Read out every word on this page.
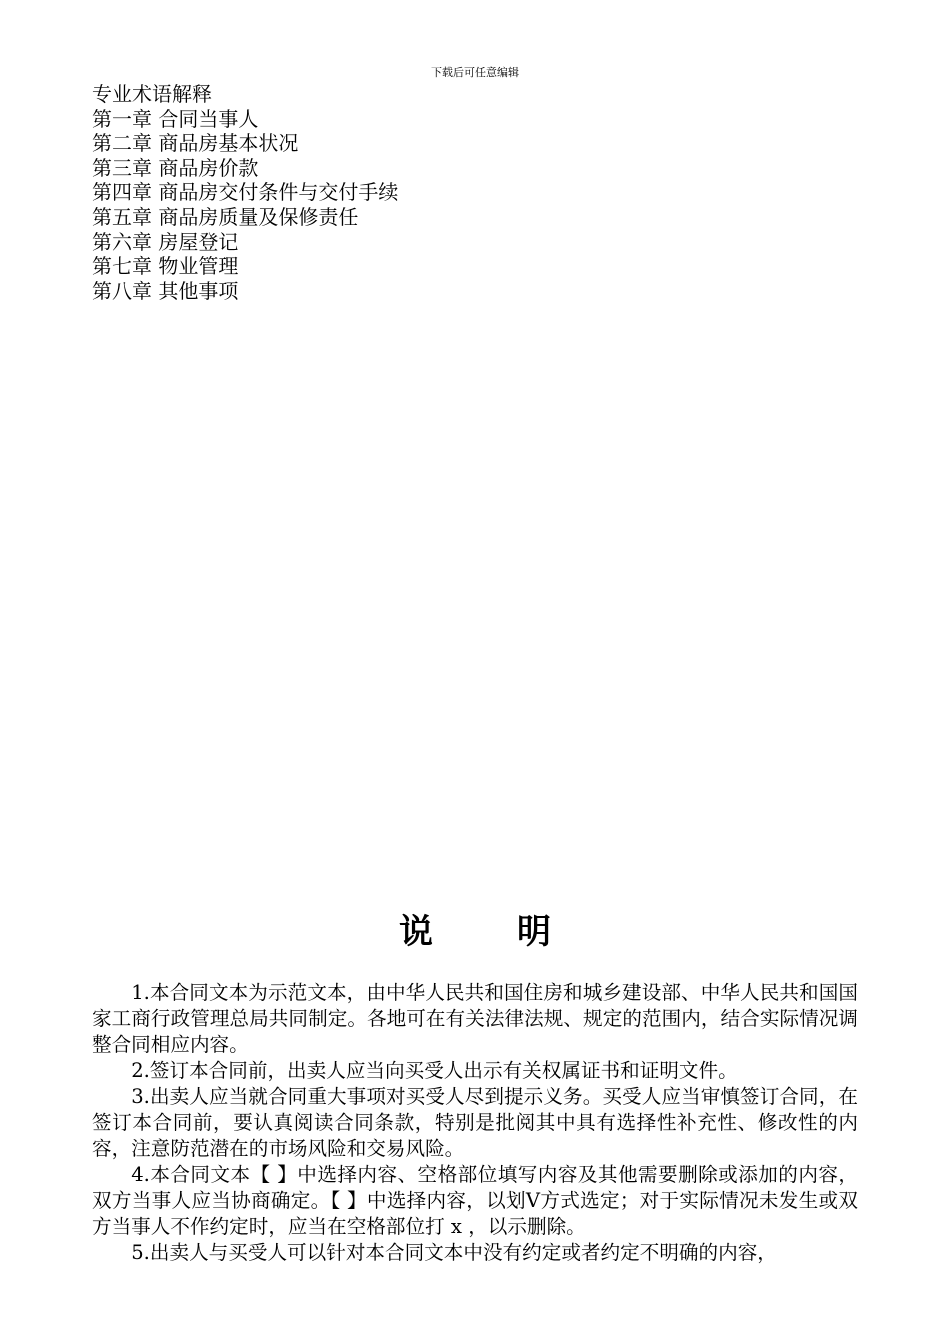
下载后可任意编辑
专业术语解释
第一章 合同当事人
第二章 商品房基本状况
第三章 商品房价款
第四章 商品房交付条件与交付手续
第五章 商品房质量及保修责任
第六章 房屋登记
第七章 物业管理
第八章 其他事项
说 明

1.本合同文本为示范文本，由中华人民共和国住房和城乡建设部、中华人民共和国国家工商行政管理总局共同制定。各地可在有关法律法规、规定的范围内，结合实际情况调整合同相应内容。

2.签订本合同前，出卖人应当向买受人出示有关权属证书和证明文件。

3.出卖人应当就合同重大事项对买受人尽到提示义务。买受人应当审慎签订合同，在签订本合同前，要认真阅读合同条款，特别是批阅其中具有选择性补充性、修改性的内容，注意防范潜在的市场风险和交易风险。

4.本合同文本【 】中选择内容、空格部位填写内容及其他需要删除或添加的内容，双方当事人应当协商确定。【 】中选择内容，以划V方式选定；对于实际情况未发生或双方当事人不作约定时，应当在空格部位打 x ，以示删除。

5.出卖人与买受人可以针对本合同文本中没有约定或者约定不明确的内容，
